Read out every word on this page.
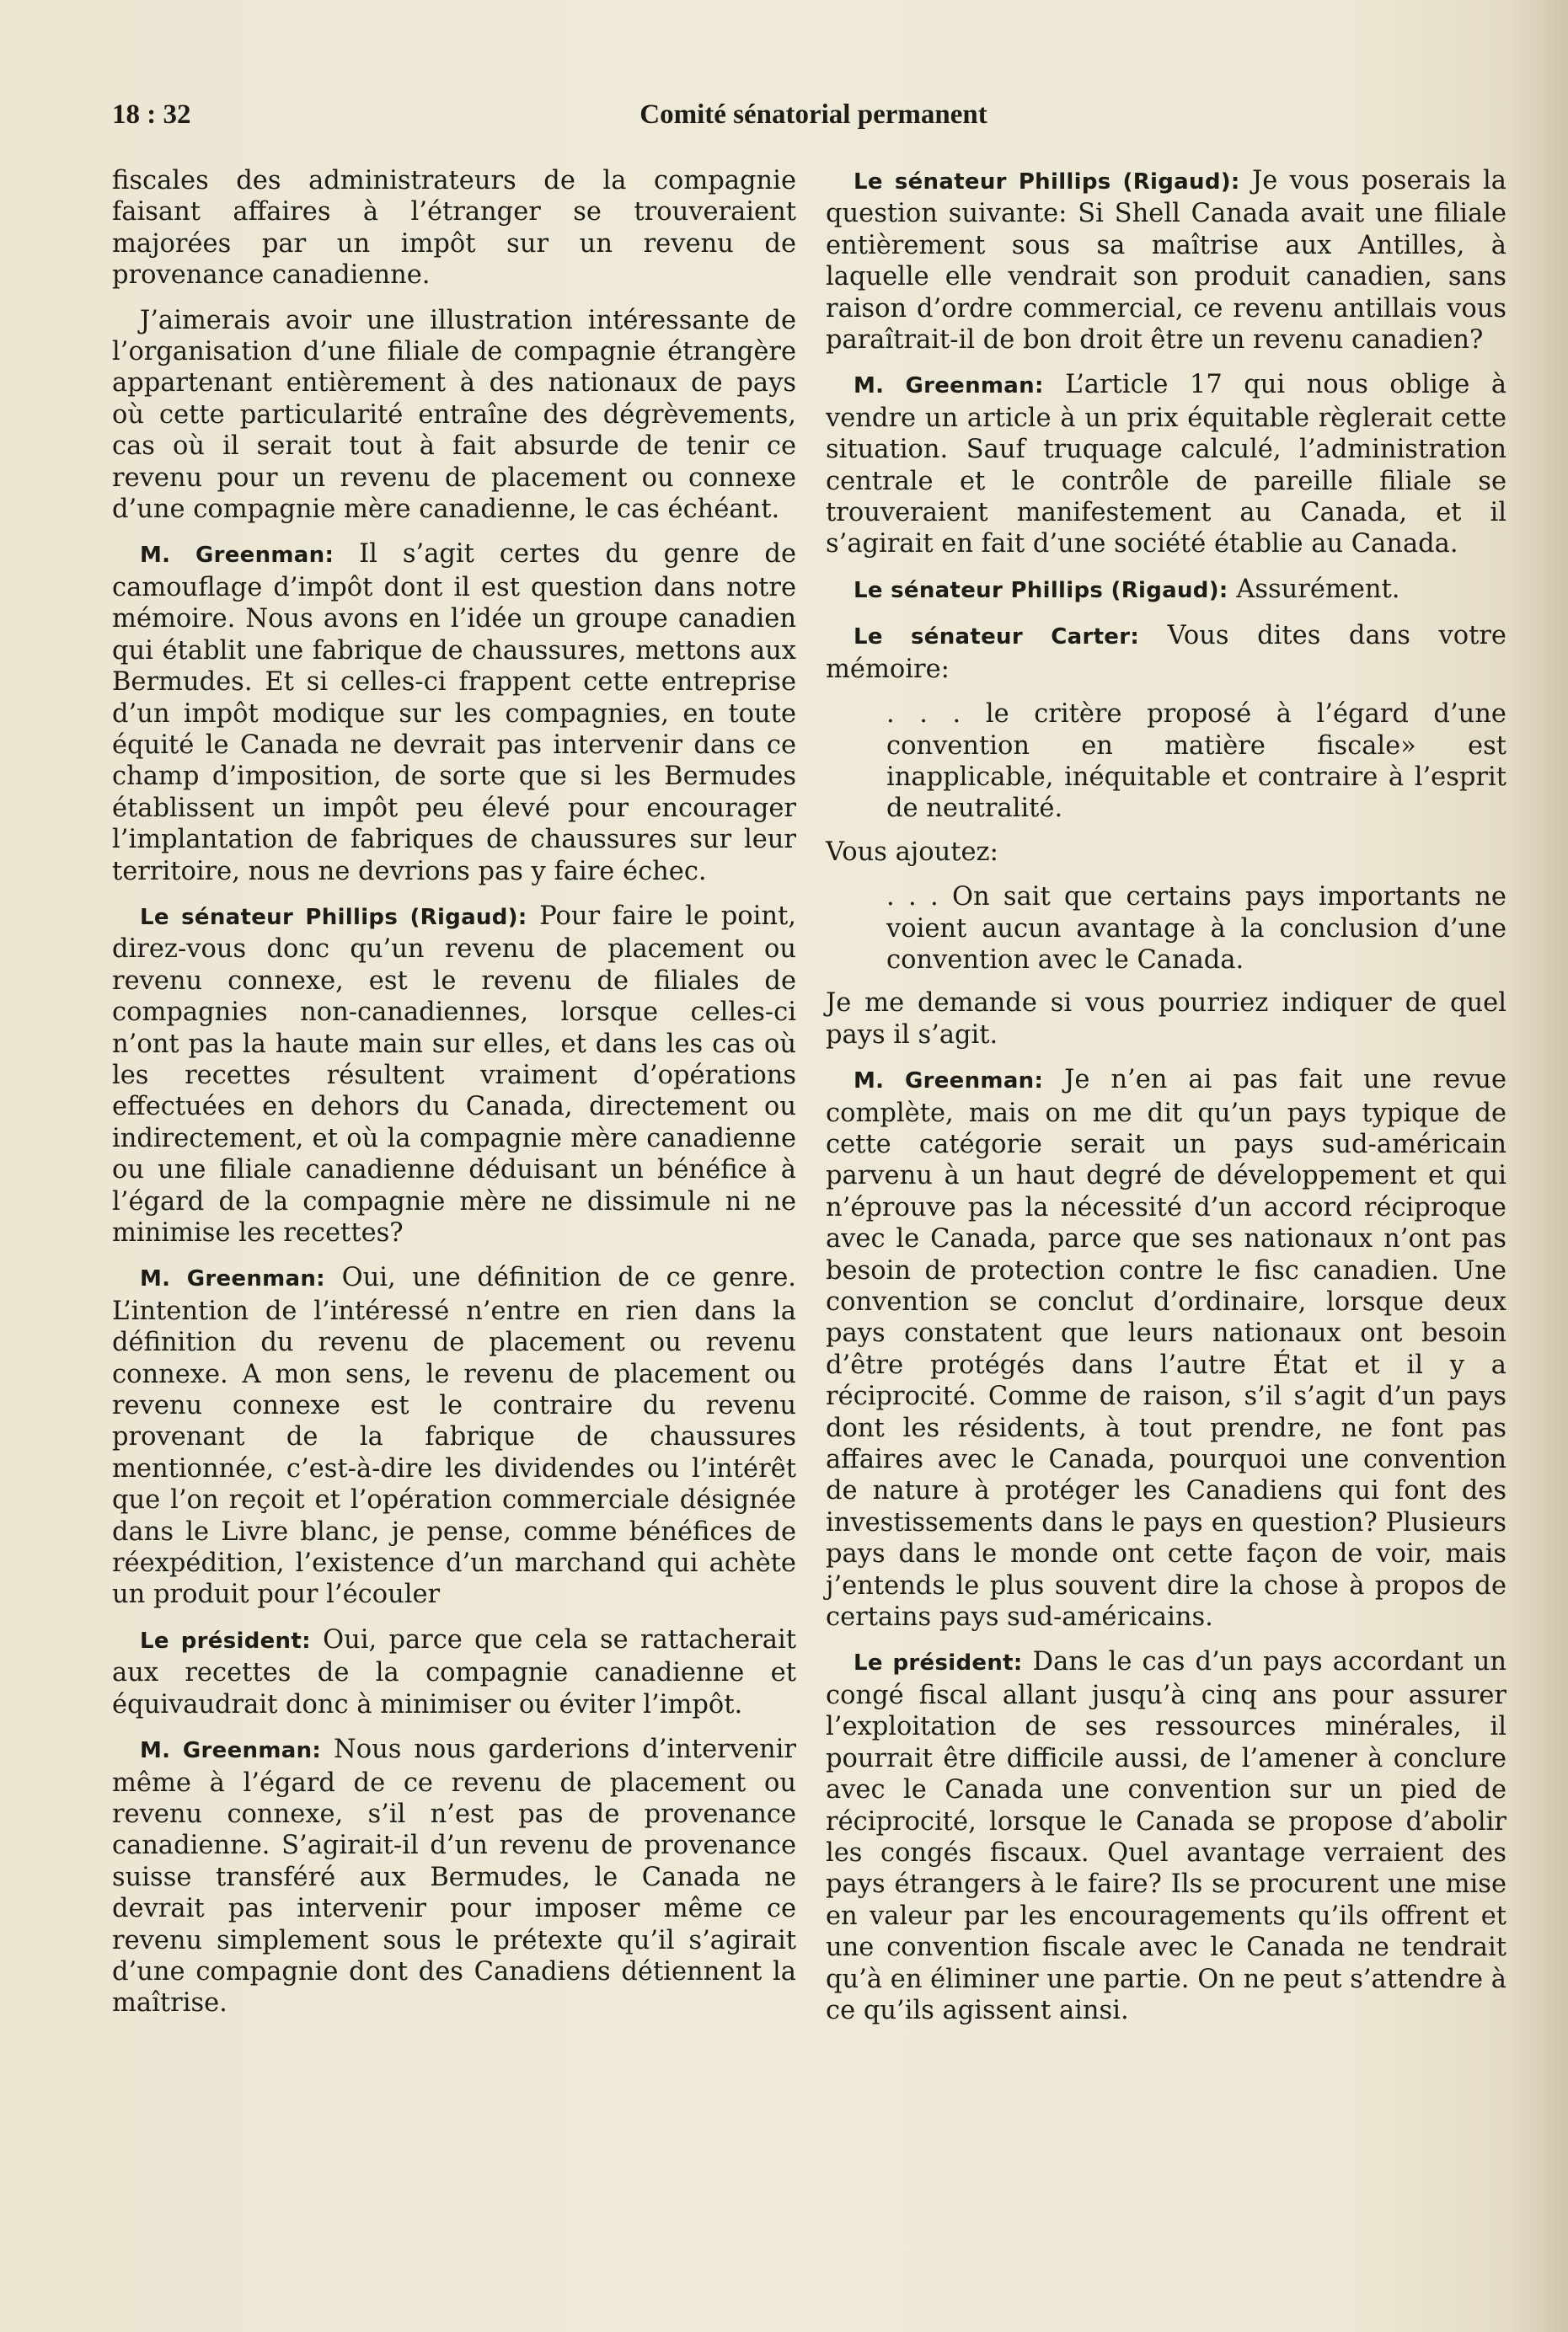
18 : 32	Comité sénatorial permanent

fiscales des administrateurs de la compagnie faisant affaires à l’étranger se trouveraient majorées par un impôt sur un revenu de provenance canadienne.

J’aimerais avoir une illustration intéressante de l’organisation d’une filiale de compagnie étrangère appartenant entièrement à des nationaux de pays où cette particularité entraîne des dégrèvements, cas où il serait tout à fait absurde de tenir ce revenu pour un revenu de placement ou connexe d’une compagnie mère canadienne, le cas échéant.

M. Greenman: Il s’agit certes du genre de camouflage d’impôt dont il est question dans notre mémoire. Nous avons en l’idée un groupe canadien qui établit une fabrique de chaussures, mettons aux Bermudes. Et si celles-ci frappent cette entreprise d’un impôt modique sur les compagnies, en toute équité le Canada ne devrait pas intervenir dans ce champ d’imposition, de sorte que si les Bermudes établissent un impôt peu élevé pour encourager l’implantation de fabriques de chaussures sur leur territoire, nous ne devrions pas y faire échec.

Le sénateur Phillips (Rigaud): Pour faire le point, direz-vous donc qu’un revenu de placement ou revenu connexe, est le revenu de filiales de compagnies non-canadiennes, lorsque celles-ci n’ont pas la haute main sur elles, et dans les cas où les recettes résultent vraiment d’opérations effectuées en dehors du Canada, directement ou indirectement, et où la compagnie mère canadienne ou une filiale canadienne déduisant un bénéfice à l’égard de la compagnie mère ne dissimule ni ne minimise les recettes?

M. Greenman: Oui, une définition de ce genre. L’intention de l’intéressé n’entre en rien dans la définition du revenu de placement ou revenu connexe. A mon sens, le revenu de placement ou revenu connexe est le contraire du revenu provenant de la fabrique de chaussures mentionnée, c’est-à-dire les dividendes ou l’intérêt que l’on reçoit et l’opération commerciale désignée dans le Livre blanc, je pense, comme bénéfices de réexpédition, l’existence d’un marchand qui achète un produit pour l’écouler

Le président: Oui, parce que cela se rattacherait aux recettes de la compagnie canadienne et équivaudrait donc à minimiser ou éviter l’impôt.

M. Greenman: Nous nous garderions d’intervenir même à l’égard de ce revenu de placement ou revenu connexe, s’il n’est pas de provenance canadienne. S’agirait-il d’un revenu de provenance suisse transféré aux Bermudes, le Canada ne devrait pas intervenir pour imposer même ce revenu simplement sous le prétexte qu’il s’agirait d’une compagnie dont des Canadiens détiennent la maîtrise.

Le sénateur Phillips (Rigaud): Je vous poserais la question suivante: Si Shell Canada avait une filiale entièrement sous sa maîtrise aux Antilles, à laquelle elle vendrait son produit canadien, sans raison d’ordre commercial, ce revenu antillais vous paraîtrait-il de bon droit être un revenu canadien?

M. Greenman: L’article 17 qui nous oblige à vendre un article à un prix équitable règlerait cette situation. Sauf truquage calculé, l’administration centrale et le contrôle de pareille filiale se trouveraient manifestement au Canada, et il s’agirait en fait d’une société établie au Canada.

Le sénateur Phillips (Rigaud): Assurément.

Le sénateur Carter: Vous dites dans votre mémoire:

. . . le critère proposé à l’égard d’une convention en matière fiscale» est inapplicable, inéquitable et contraire à l’esprit de neutralité.

Vous ajoutez:

. . . On sait que certains pays importants ne voient aucun avantage à la conclusion d’une convention avec le Canada.

Je me demande si vous pourriez indiquer de quel pays il s’agit.

M. Greenman: Je n’en ai pas fait une revue complète, mais on me dit qu’un pays typique de cette catégorie serait un pays sud-américain parvenu à un haut degré de développement et qui n’éprouve pas la nécessité d’un accord réciproque avec le Canada, parce que ses nationaux n’ont pas besoin de protection contre le fisc canadien. Une convention se conclut d’ordinaire, lorsque deux pays constatent que leurs nationaux ont besoin d’être protégés dans l’autre État et il y a réciprocité. Comme de raison, s’il s’agit d’un pays dont les résidents, à tout prendre, ne font pas affaires avec le Canada, pourquoi une convention de nature à protéger les Canadiens qui font des investissements dans le pays en question? Plusieurs pays dans le monde ont cette façon de voir, mais j’entends le plus souvent dire la chose à propos de certains pays sud-américains.

Le président: Dans le cas d’un pays accordant un congé fiscal allant jusqu’à cinq ans pour assurer l’exploitation de ses ressources minérales, il pourrait être difficile aussi, de l’amener à conclure avec le Canada une convention sur un pied de réciprocité, lorsque le Canada se propose d’abolir les congés fiscaux. Quel avantage verraient des pays étrangers à le faire? Ils se procurent une mise en valeur par les encouragements qu’ils offrent et une convention fiscale avec le Canada ne tendrait qu’à en éliminer une partie. On ne peut s’attendre à ce qu’ils agissent ainsi.
